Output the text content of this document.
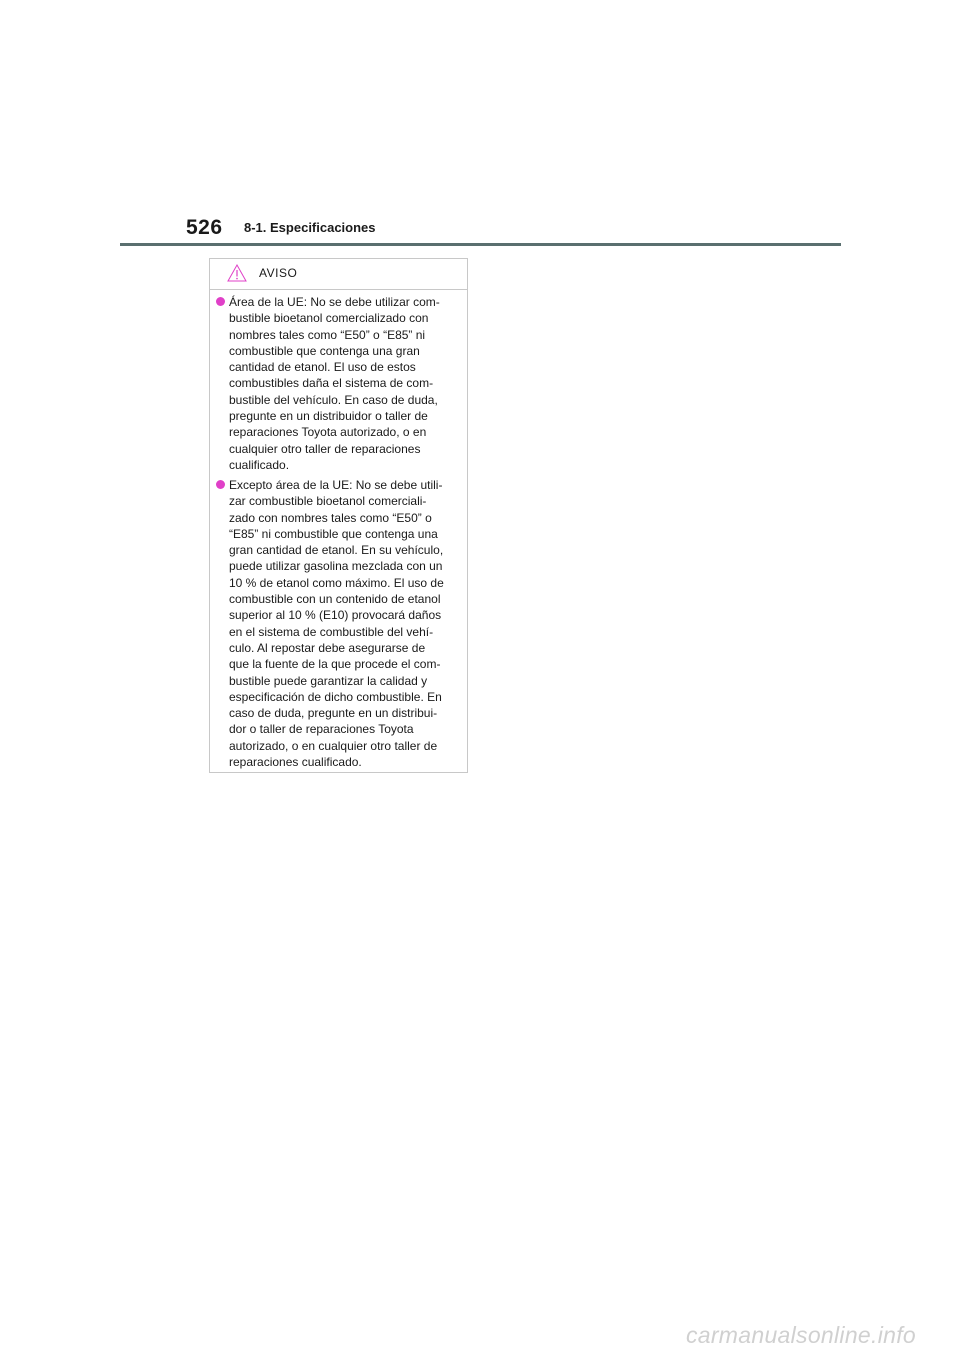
526 8-1. Especificaciones
AVISO
Área de la UE: No se debe utilizar com-
bustible bioetanol comercializado con
nombres tales como “E50” o “E85” ni
combustible que contenga una gran
cantidad de etanol. El uso de estos
combustibles daña el sistema de com-
bustible del vehículo. En caso de duda,
pregunte en un distribuidor o taller de
reparaciones Toyota autorizado, o en
cualquier otro taller de reparaciones
cualificado.
Excepto área de la UE: No se debe utili-
zar combustible bioetanol comerciali-
zado con nombres tales como “E50” o
“E85” ni combustible que contenga una
gran cantidad de etanol. En su vehículo,
puede utilizar gasolina mezclada con un
10 % de etanol como máximo. El uso de
combustible con un contenido de etanol
superior al 10 % (E10) provocará daños
en el sistema de combustible del vehí-
culo. Al repostar debe asegurarse de
que la fuente de la que procede el com-
bustible puede garantizar la calidad y
especificación de dicho combustible. En
caso de duda, pregunte en un distribui-
dor o taller de reparaciones Toyota
autorizado, o en cualquier otro taller de
reparaciones cualificado.
carmanualsonline.info
